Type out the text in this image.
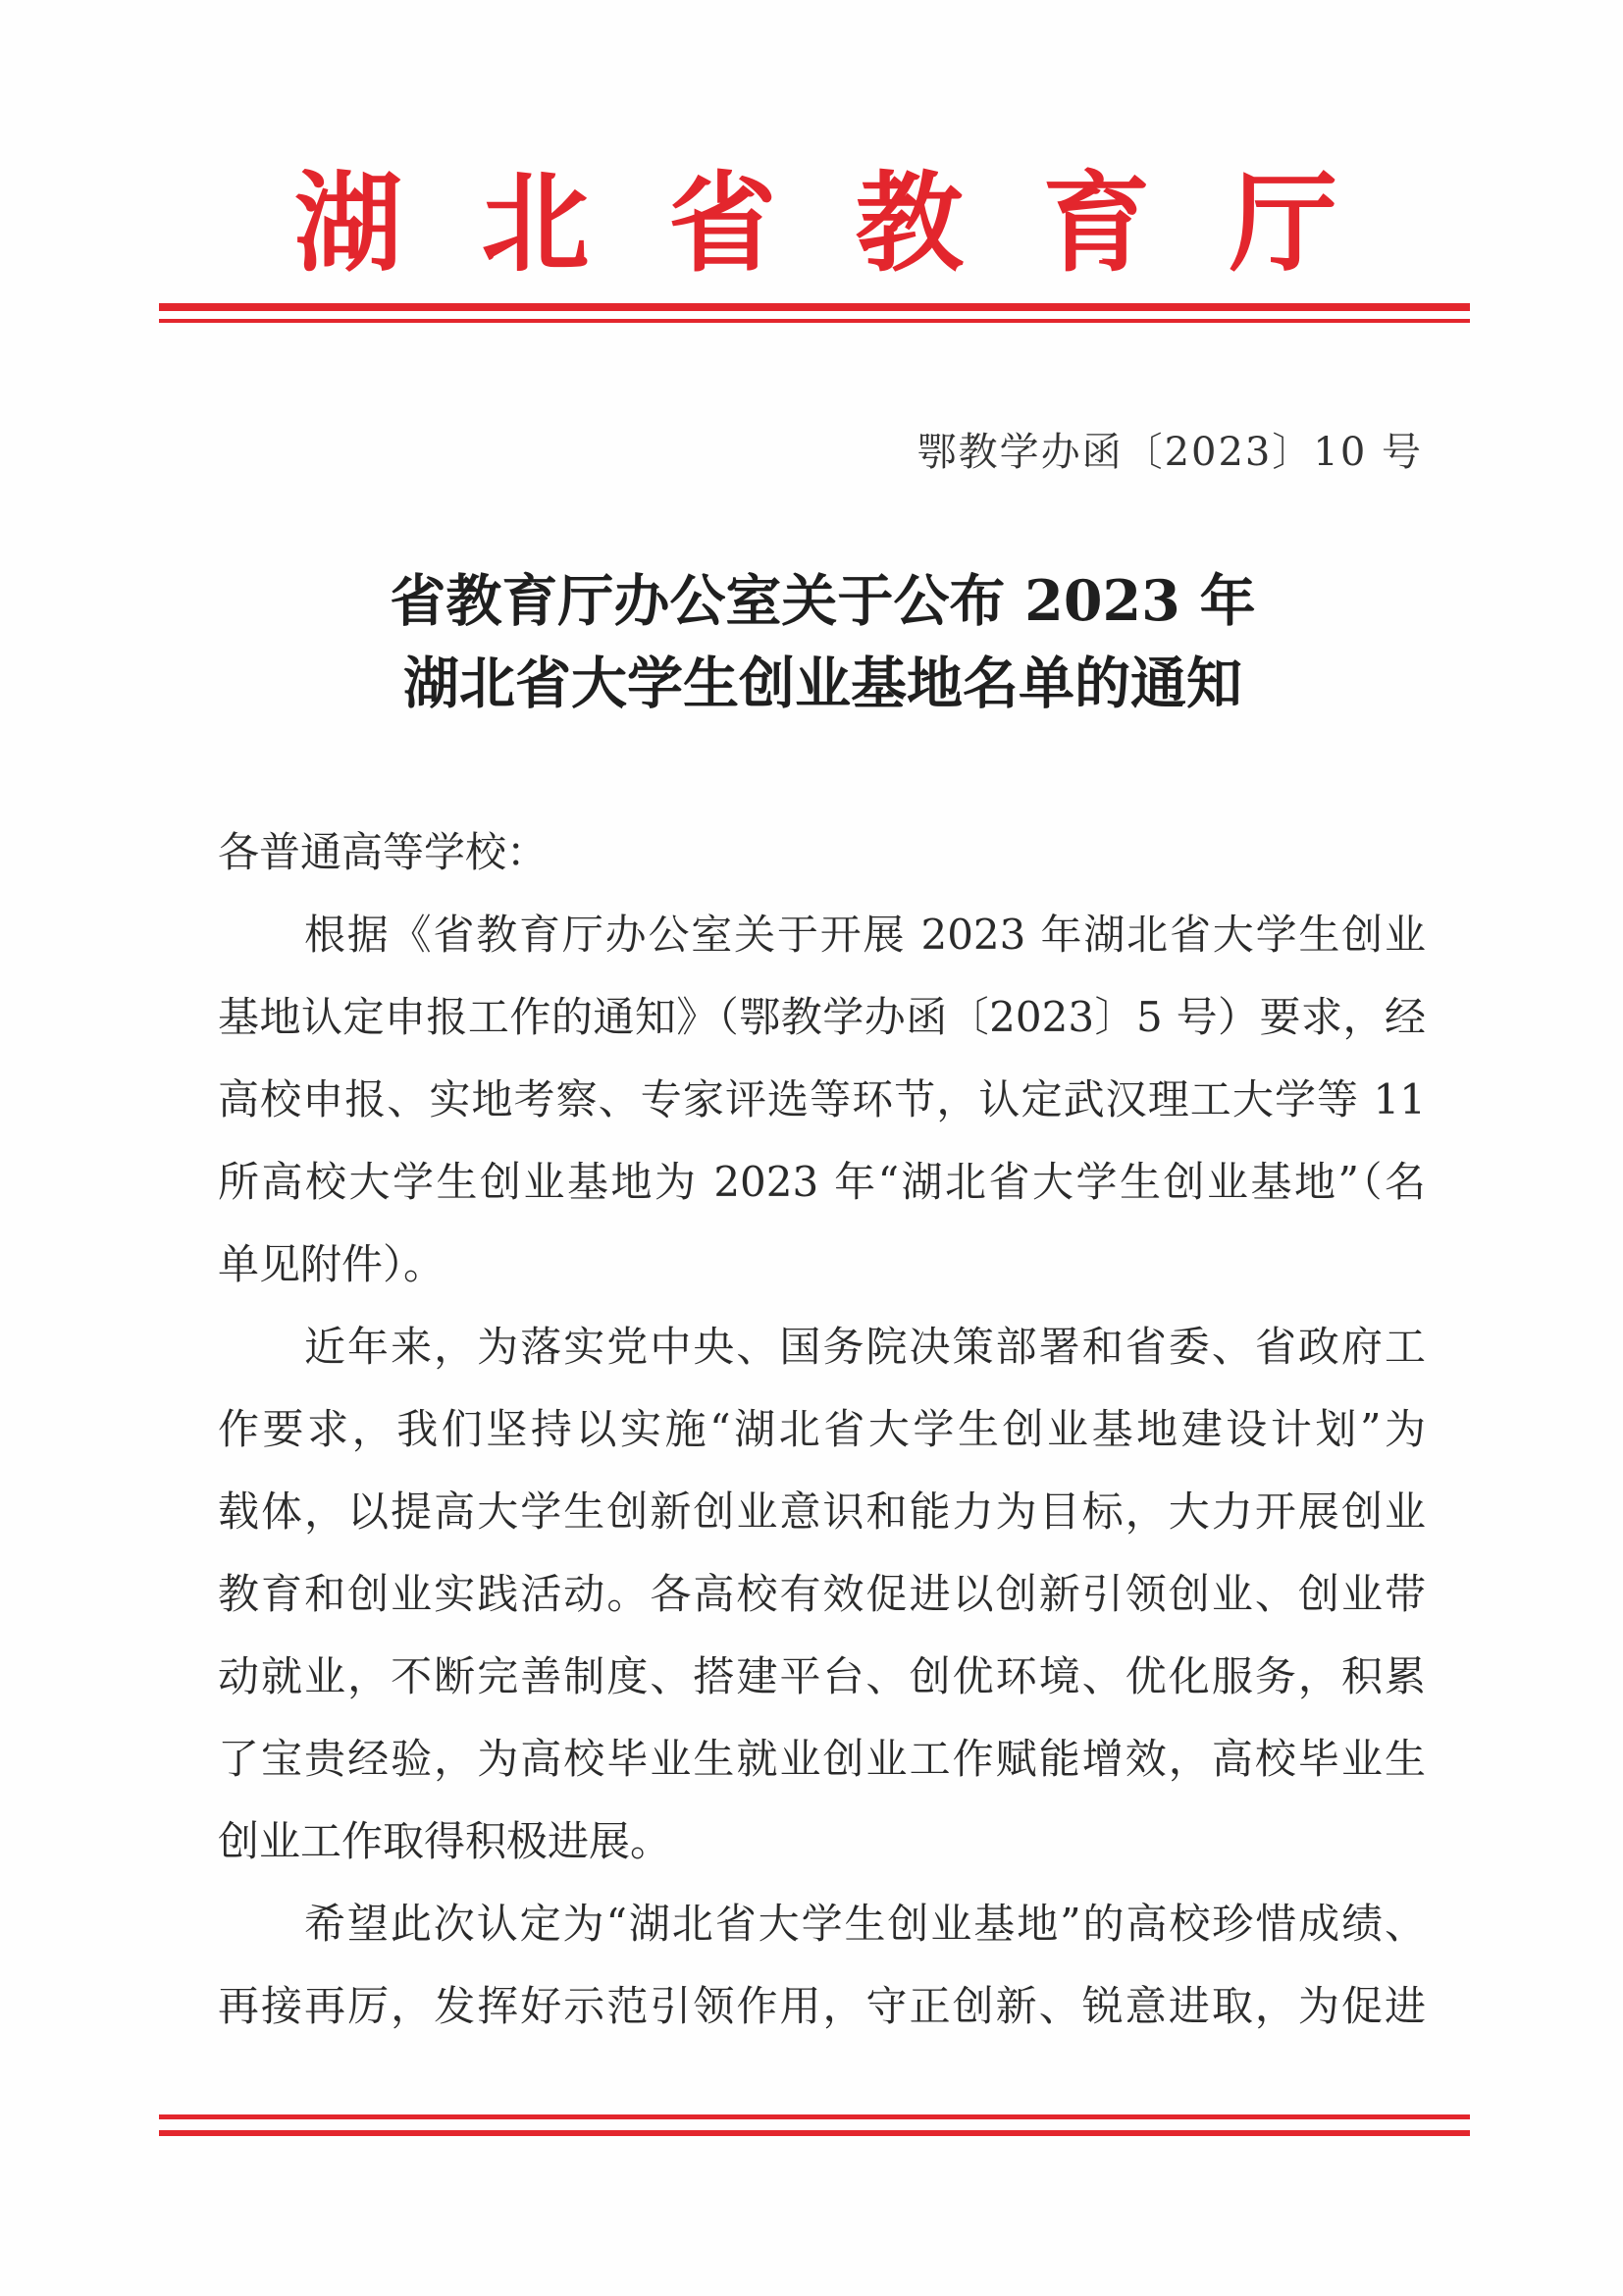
湖北省教育厅
鄂教学办函〔2023〕10 号
省教育厅办公室关于公布 2023 年
湖北省大学生创业基地名单的通知
各普通高等学校：
根据《省教育厅办公室关于开展 2023 年湖北省大学生创业
基地认定申报工作的通知》（鄂教学办函〔2023〕5 号）要求，经
高校申报、实地考察、专家评选等环节，认定武汉理工大学等 11
所高校大学生创业基地为 2023 年“湖北省大学生创业基地”（名
单见附件）。
近年来，为落实党中央、国务院决策部署和省委、省政府工
作要求，我们坚持以实施“湖北省大学生创业基地建设计划”为
载体，以提高大学生创新创业意识和能力为目标，大力开展创业
教育和创业实践活动。各高校有效促进以创新引领创业、创业带
动就业，不断完善制度、搭建平台、创优环境、优化服务，积累
了宝贵经验，为高校毕业生就业创业工作赋能增效，高校毕业生
创业工作取得积极进展。
希望此次认定为“湖北省大学生创业基地”的高校珍惜成绩、
再接再厉，发挥好示范引领作用，守正创新、锐意进取，为促进
